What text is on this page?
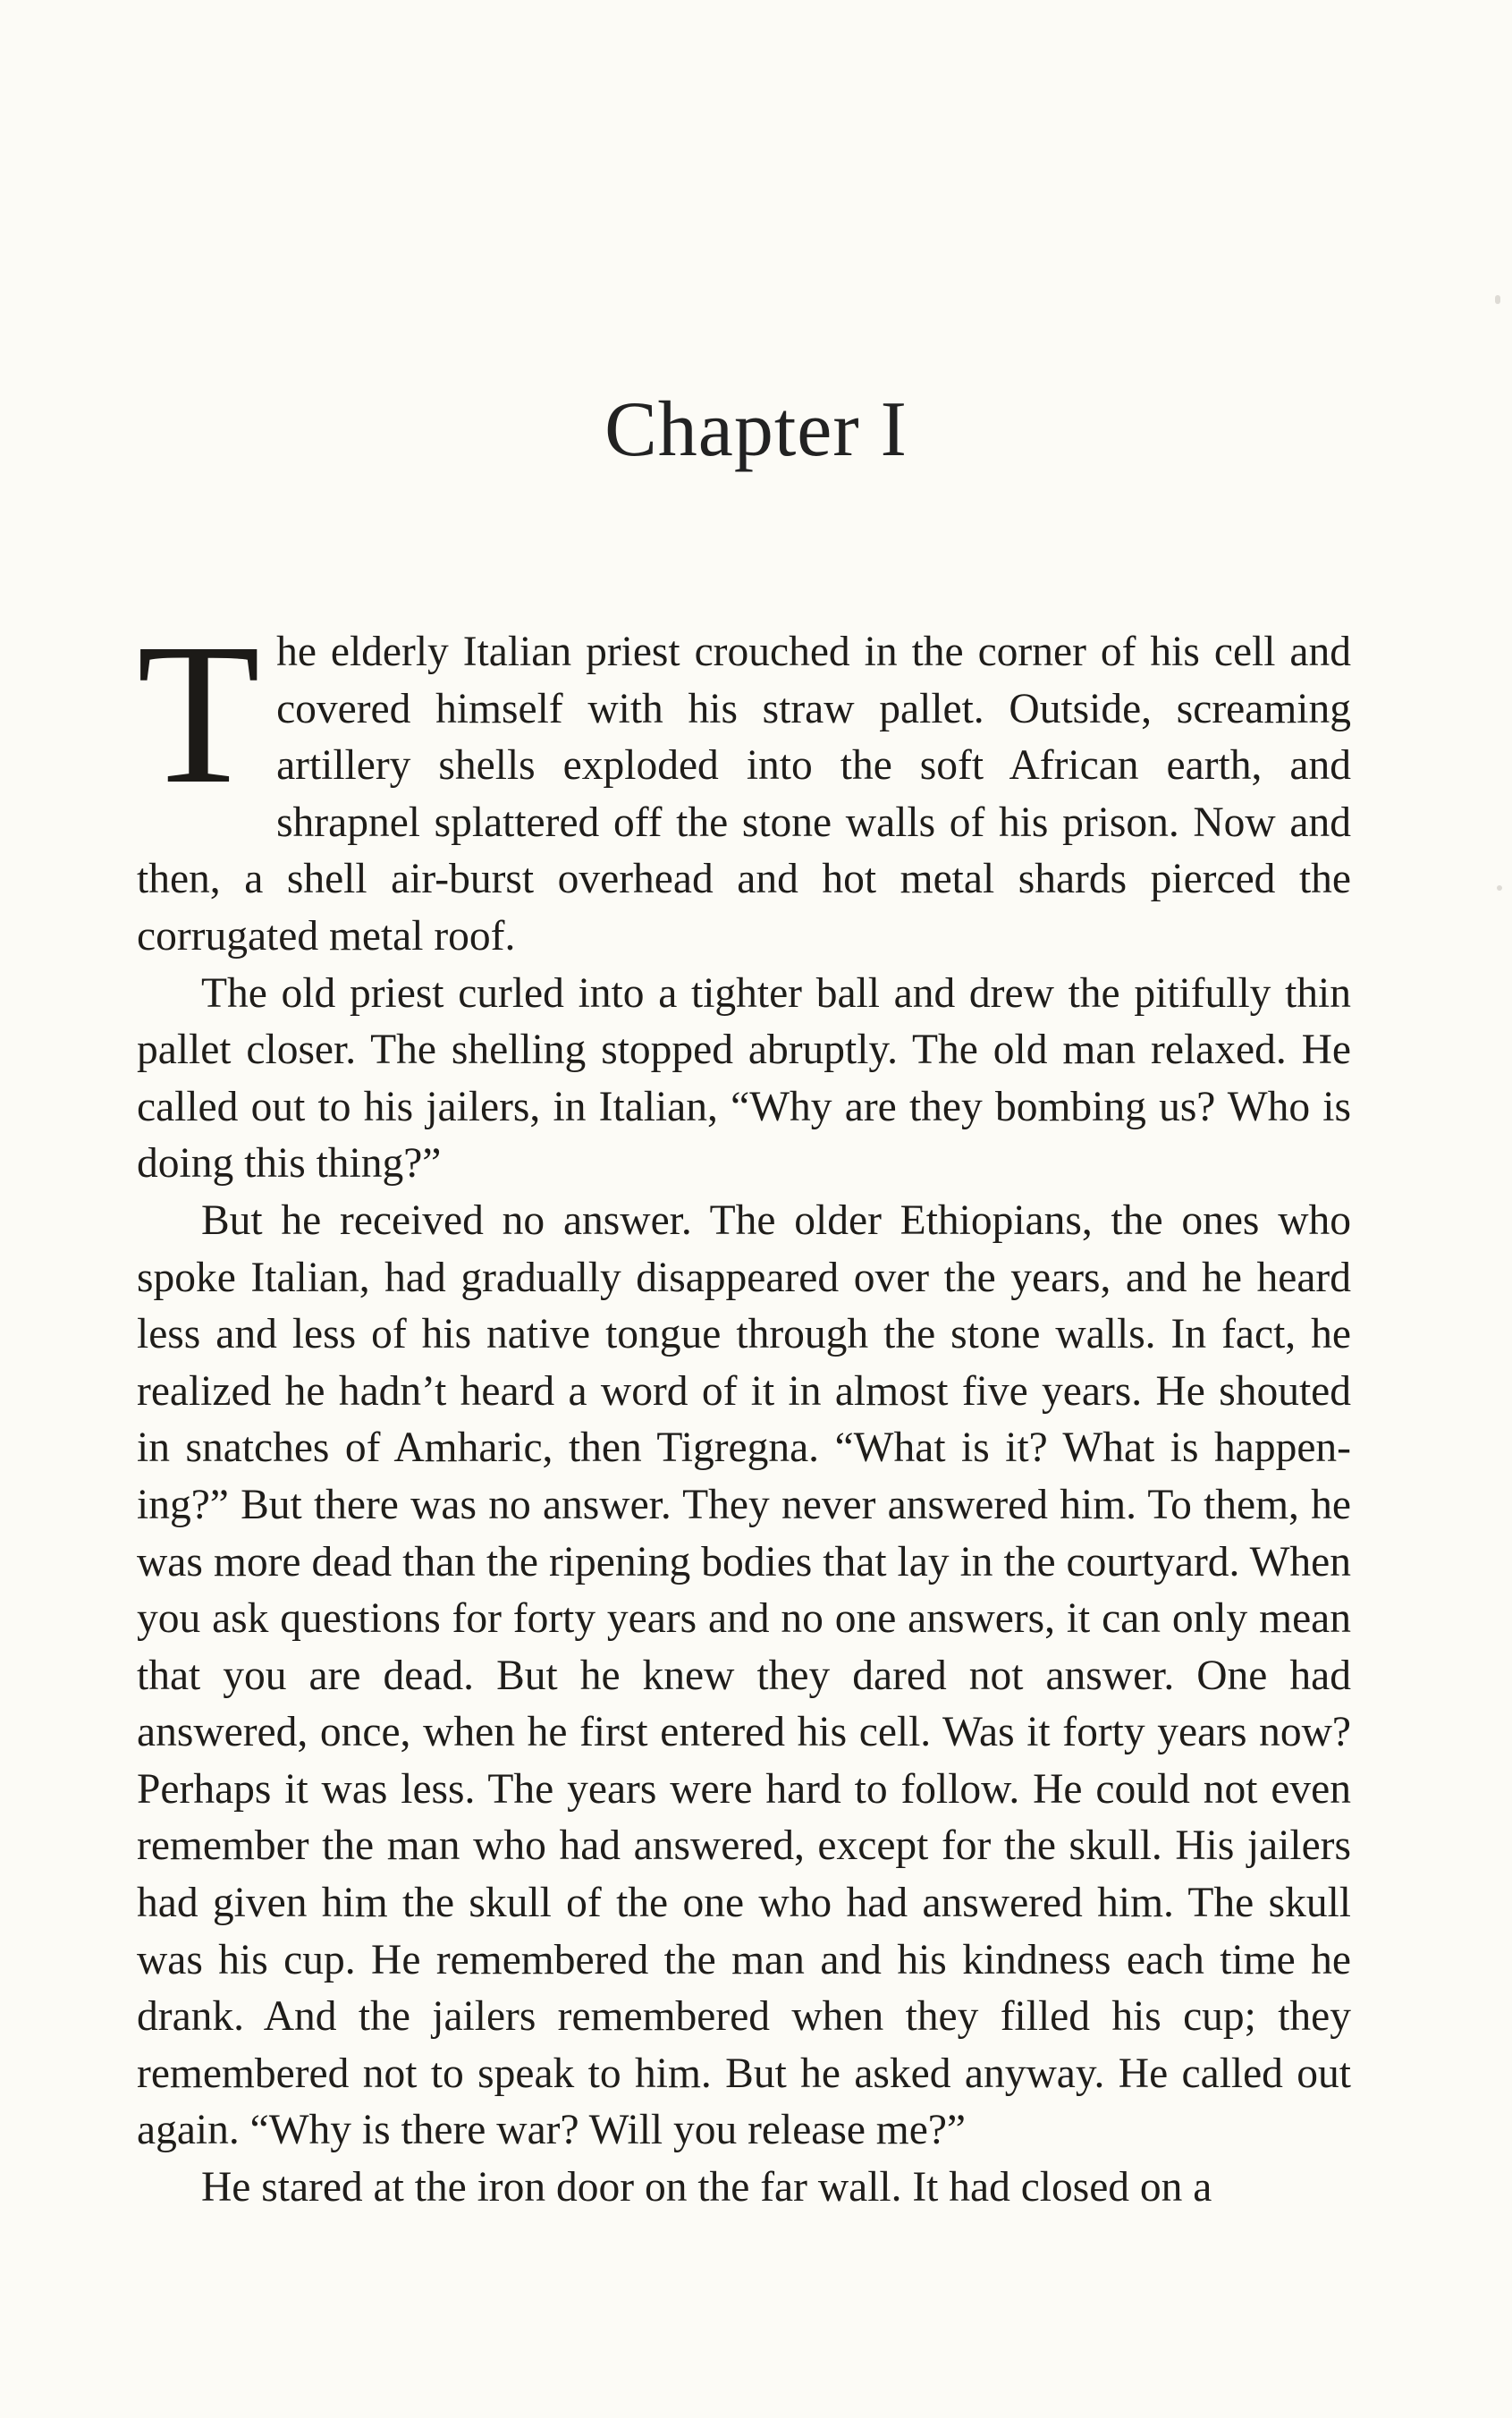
Chapter I

The elderly Italian priest crouched in the corner of his cell and covered himself with his straw pallet. Outside, screaming artillery shells exploded into the soft African earth, and shrapnel splattered off the stone walls of his prison. Now and then, a shell air-burst overhead and hot metal shards pierced the corrugated metal roof.

The old priest curled into a tighter ball and drew the pitifully thin pallet closer. The shelling stopped abruptly. The old man relaxed. He called out to his jailers, in Italian, “Why are they bombing us? Who is doing this thing?”

But he received no answer. The older Ethiopians, the ones who spoke Italian, had gradually disappeared over the years, and he heard less and less of his native tongue through the stone walls. In fact, he realized he hadn’t heard a word of it in almost five years. He shouted in snatches of Amharic, then Tigregna. “What is it? What is happening?” But there was no answer. They never answered him. To them, he was more dead than the ripening bodies that lay in the courtyard. When you ask questions for forty years and no one answers, it can only mean that you are dead. But he knew they dared not answer. One had answered, once, when he first entered his cell. Was it forty years now? Perhaps it was less. The years were hard to follow. He could not even remember the man who had answered, except for the skull. His jailers had given him the skull of the one who had answered him. The skull was his cup. He remembered the man and his kindness each time he drank. And the jailers remembered when they filled his cup; they remembered not to speak to him. But he asked anyway. He called out again. “Why is there war? Will you release me?”

He stared at the iron door on the far wall. It had closed on a
